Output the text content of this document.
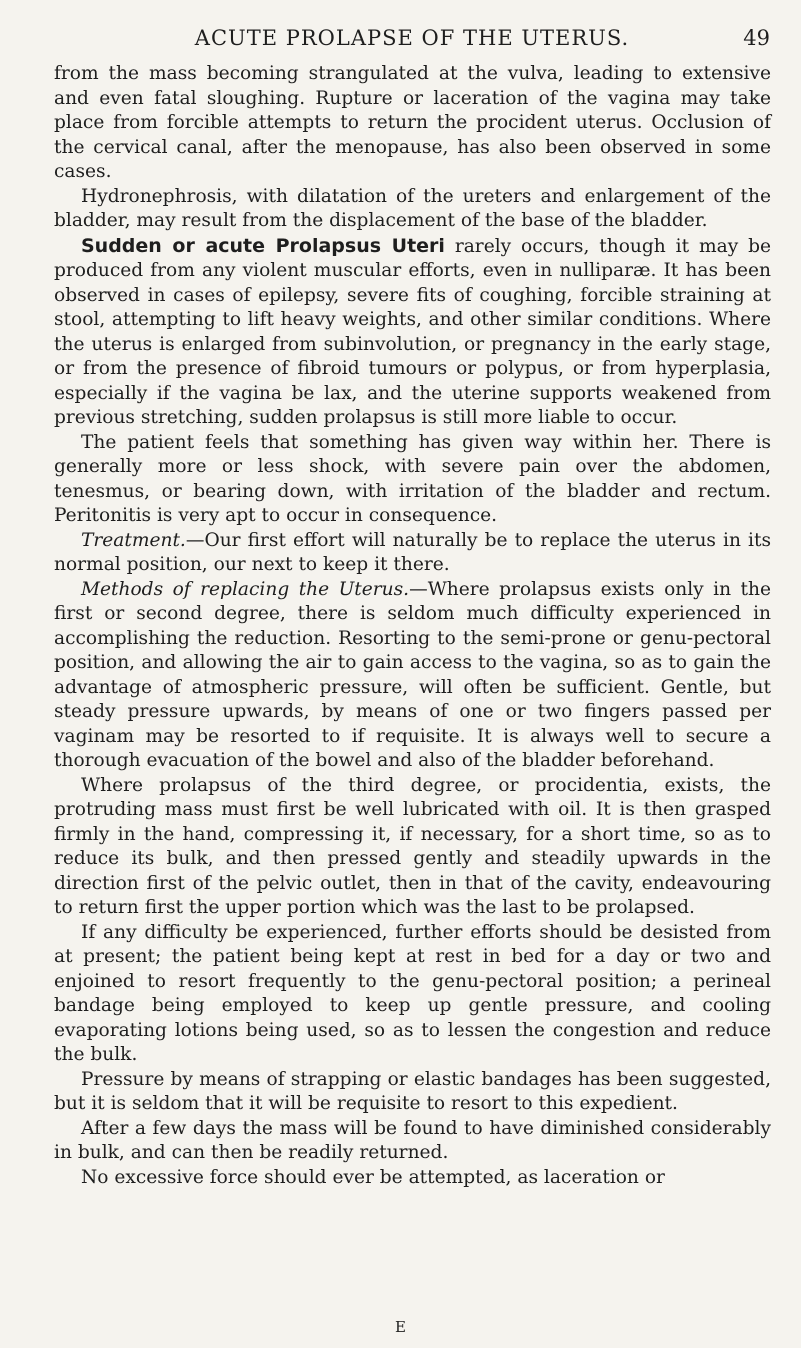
ACUTE PROLAPSE OF THE UTERUS.	49

from the mass becoming strangulated at the vulva, leading to extensive and even fatal sloughing. Rupture or laceration of the vagina may take place from forcible attempts to return the procident uterus. Occlusion of the cervical canal, after the menopause, has also been observed in some cases.

Hydronephrosis, with dilatation of the ureters and enlargement of the bladder, may result from the displacement of the base of the bladder.

Sudden or acute Prolapsus Uteri rarely occurs, though it may be produced from any violent muscular efforts, even in nulliparæ. It has been observed in cases of epilepsy, severe fits of coughing, forcible straining at stool, attempting to lift heavy weights, and other similar conditions. Where the uterus is enlarged from subinvolution, or pregnancy in the early stage, or from the presence of fibroid tumours or polypus, or from hyperplasia, especially if the vagina be lax, and the uterine supports weakened from previous stretching, sudden prolapsus is still more liable to occur.

The patient feels that something has given way within her. There is generally more or less shock, with severe pain over the abdomen, tenesmus, or bearing down, with irritation of the bladder and rectum. Peritonitis is very apt to occur in consequence.

Treatment.—Our first effort will naturally be to replace the uterus in its normal position, our next to keep it there.

Methods of replacing the Uterus.—Where prolapsus exists only in the first or second degree, there is seldom much difficulty experienced in accomplishing the reduction. Resorting to the semi-prone or genu-pectoral position, and allowing the air to gain access to the vagina, so as to gain the advantage of atmospheric pressure, will often be sufficient. Gentle, but steady pressure upwards, by means of one or two fingers passed per vaginam may be resorted to if requisite. It is always well to secure a thorough evacuation of the bowel and also of the bladder beforehand.

Where prolapsus of the third degree, or procidentia, exists, the protruding mass must first be well lubricated with oil. It is then grasped firmly in the hand, compressing it, if necessary, for a short time, so as to reduce its bulk, and then pressed gently and steadily upwards in the direction first of the pelvic outlet, then in that of the cavity, endeavouring to return first the upper portion which was the last to be prolapsed.

If any difficulty be experienced, further efforts should be desisted from at present; the patient being kept at rest in bed for a day or two and enjoined to resort frequently to the genu-pectoral position; a perineal bandage being employed to keep up gentle pressure, and cooling evaporating lotions being used, so as to lessen the congestion and reduce the bulk.

Pressure by means of strapping or elastic bandages has been suggested, but it is seldom that it will be requisite to resort to this expedient.

After a few days the mass will be found to have diminished considerably in bulk, and can then be readily returned.

No excessive force should ever be attempted, as laceration or

E
